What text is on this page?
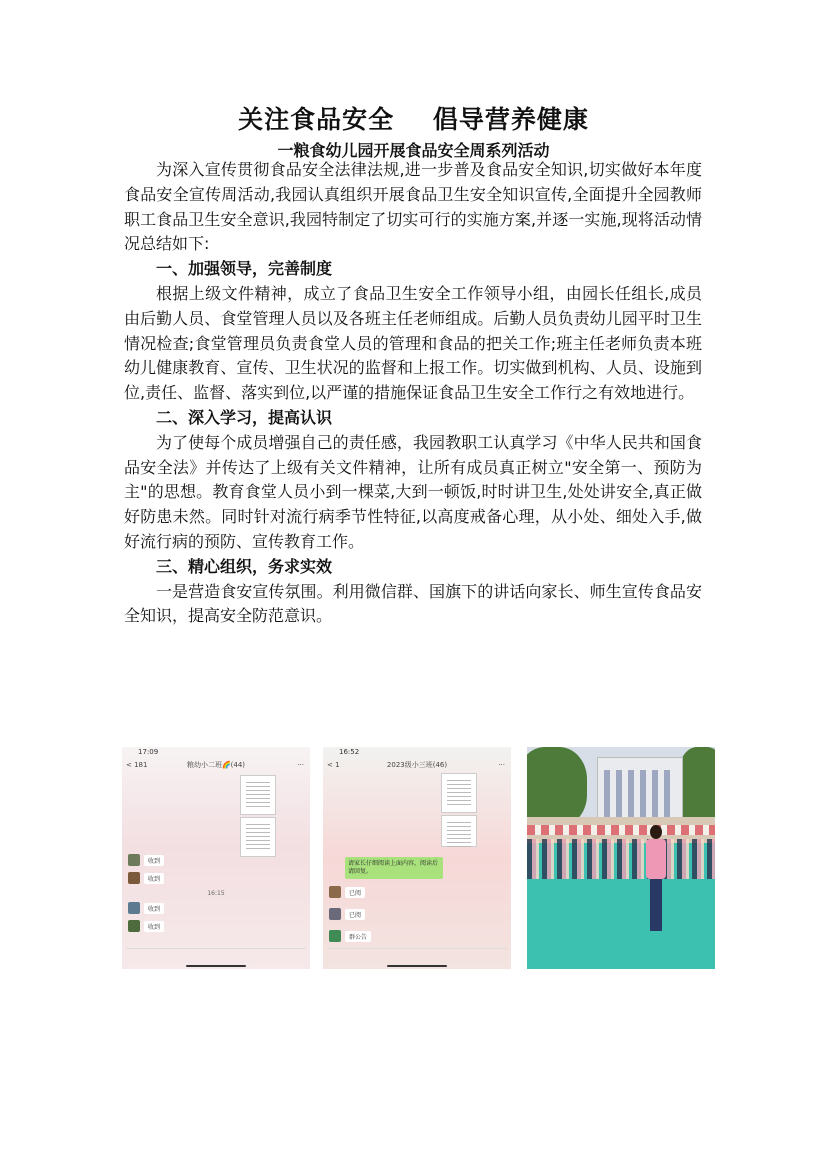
关注食品安全    倡导营养健康
一粮食幼儿园开展食品安全周系列活动

为深入宣传贯彻食品安全法律法规,进一步普及食品安全知识,切实做好本年度食品安全宣传周活动,我园认真组织开展食品卫生安全知识宣传,全面提升全园教师职工食品卫生安全意识,我园特制定了切实可行的实施方案,并逐一实施,现将活动情况总结如下:

一、加强领导，完善制度

根据上级文件精神，成立了食品卫生安全工作领导小组，由园长任组长,成员由后勤人员、食堂管理人员以及各班主任老师组成。后勤人员负责幼儿园平时卫生情况检查;食堂管理员负责食堂人员的管理和食品的把关工作;班主任老师负责本班幼儿健康教育、宣传、卫生状况的监督和上报工作。切实做到机构、人员、设施到位,责任、监督、落实到位,以严谨的措施保证食品卫生安全工作行之有效地进行。

二、深入学习，提高认识

为了使每个成员增强自己的责任感，我园教职工认真学习《中华人民共和国食品安全法》并传达了上级有关文件精神，让所有成员真正树立"安全第一、预防为主"的思想。教育食堂人员小到一棵菜,大到一顿饭,时时讲卫生,处处讲安全,真正做好防患未然。同时针对流行病季节性特征,以高度戒备心理，从小处、细处入手,做好流行病的预防、宣传教育工作。

三、精心组织，务求实效

一是营造食安宣传氛围。利用微信群、国旗下的讲话向家长、师生宣传食品安全知识，提高安全防范意识。

17:09
< 181	粮幼小二班🌈(44)	···
收到
收到
16:15
收到
收到
16:52
< 1	2023级小三班(46)	···
请家长仔细阅读上面内容，阅读后请回复。
已阅
已阅
群公告
